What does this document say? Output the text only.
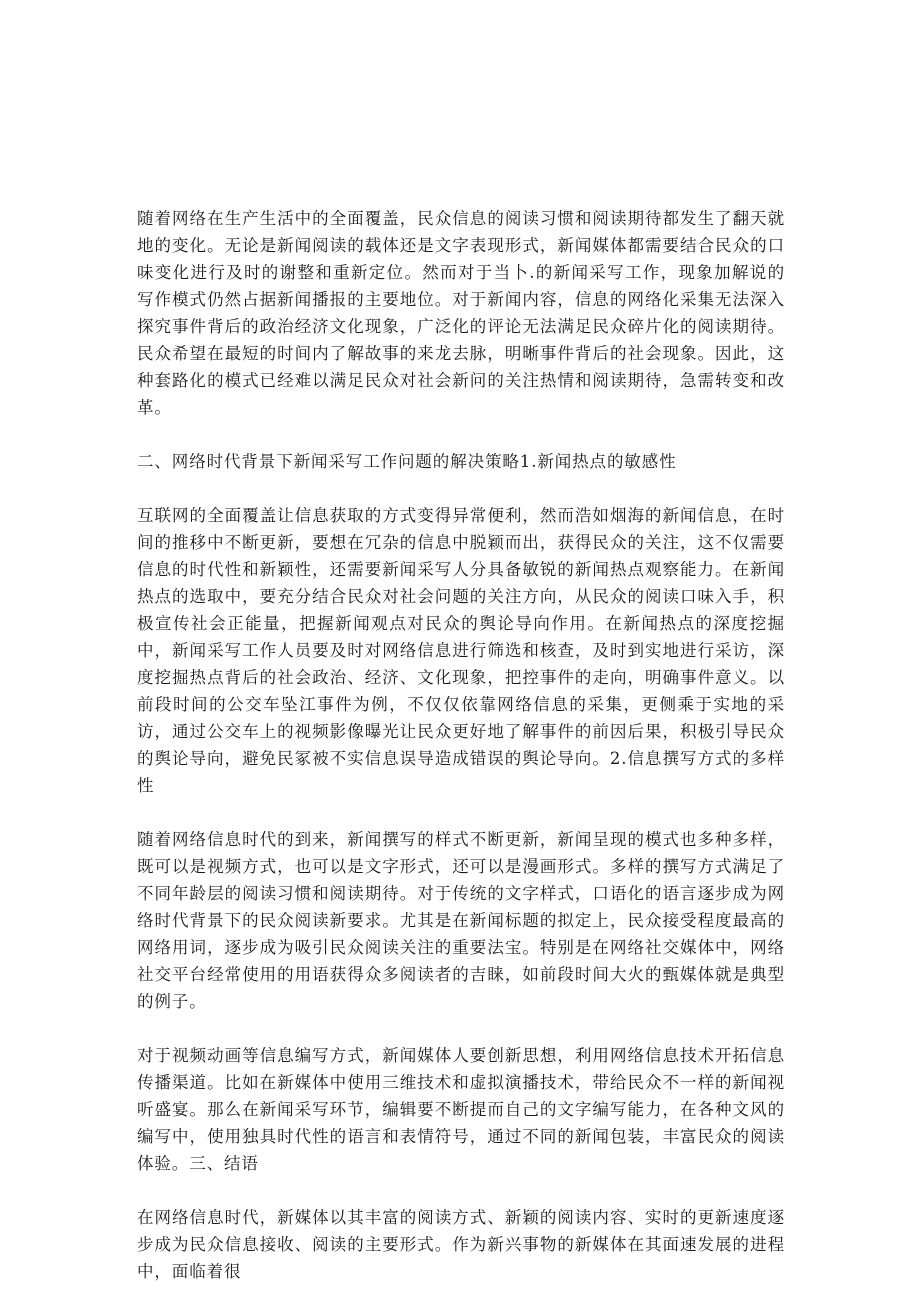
随着网络在生产生活中的全面覆盖，民众信息的阅读习惯和阅读期待都发生了翻天就地的变化。无论是新闻阅读的载体还是文字表现形式，新闻媒体都需要结合民众的口味变化进行及时的谢整和重新定位。然而对于当卜.的新闻采写工作，现象加解说的写作模式仍然占据新闻播报的主要地位。对于新闻内容，信息的网络化采集无法深入探究事件背后的政治经济文化现象，广泛化的评论无法满足民众碎片化的阅读期待。民众希望在最短的时间内了解故事的来龙去脉，明晰事件背后的社会现象。因此，这种套路化的模式已经难以满足民众对社会新问的关注热情和阅读期待，急需转变和改革。

二、网络时代背景下新闻采写工作问题的解决策略1.新闻热点的敏感性

互联网的全面覆盖让信息获取的方式变得异常便利，然而浩如烟海的新闻信息，在时间的推移中不断更新，要想在冗杂的信息中脱颖而出，获得民众的关注，这不仅需要信息的时代性和新颖性，还需要新闻采写人分具备敏锐的新闻热点观察能力。在新闻热点的选取中，要充分结合民众对社会问题的关注方向，从民众的阅读口味入手，积极宣传社会正能量，把握新闻观点对民众的舆论导向作用。在新闻热点的深度挖掘中，新闻采写工作人员要及时对网络信息进行筛选和核查，及时到实地进行采访，深度挖掘热点背后的社会政治、经济、文化现象，把控事件的走向，明确事件意义。以前段时间的公交车坠江事件为例，不仅仅依靠网络信息的采集，更侧乘于实地的采访，通过公交车上的视频影像曝光让民众更好地了解事件的前因后果，积极引导民众的舆论导向，避免民冢被不实信息误导造成错误的舆论导向。2.信息撰写方式的多样性

随着网络信息时代的到来，新闻撰写的样式不断更新，新闻呈现的模式也多种多样，既可以是视频方式，也可以是文字形式，还可以是漫画形式。多样的撰写方式满足了不同年龄层的阅读习惯和阅读期待。对于传统的文字样式，口语化的语言逐步成为网络时代背景下的民众阅读新要求。尤其是在新闻标题的拟定上，民众接受程度最高的网络用词，逐步成为吸引民众阅读关注的重要法宝。特别是在网络社交媒体中，网络社交平台经常使用的用语获得众多阅读者的吉睐，如前段时间大火的甄媒体就是典型的例子。

对于视频动画等信息编写方式，新闻媒体人要创新思想，利用网络信息技术开拓信息传播渠道。比如在新媒体中使用三维技术和虚拟演播技术，带给民众不一样的新闻视听盛宴。那么在新闻采写环节，编辑要不断提而自己的文字编写能力，在各种文风的编写中，使用独具时代性的语言和表情符号，通过不同的新闻包装，丰富民众的阅读体验。三、结语

在网络信息时代，新媒体以其丰富的阅读方式、新颖的阅读内容、实时的更新速度逐步成为民众信息接收、阅读的主要形式。作为新兴事物的新媒体在其面速发展的进程中，面临着很
